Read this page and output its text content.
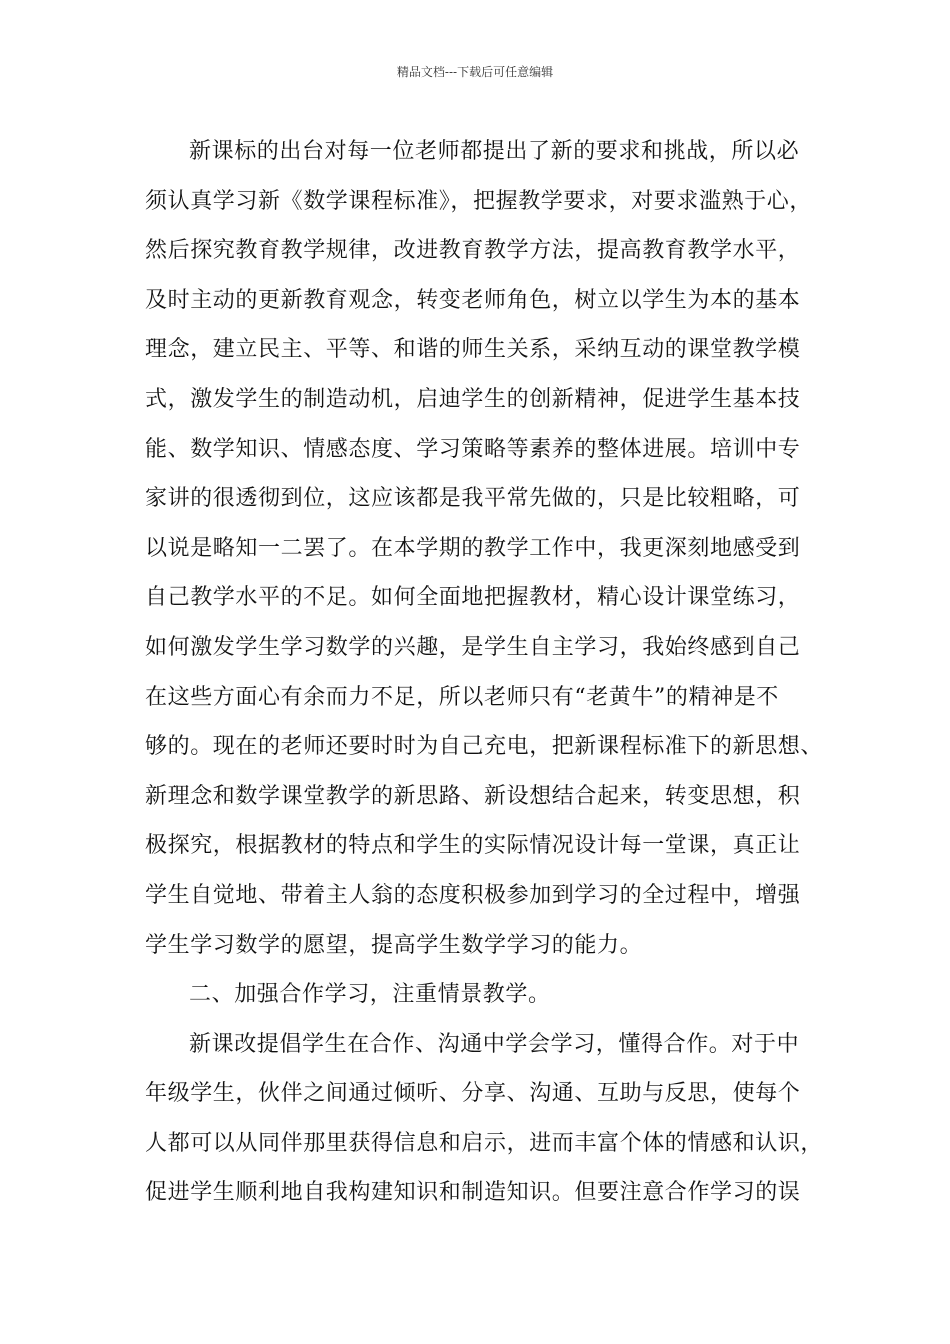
精品文档---下载后可任意编辑
新课标的出台对每一位老师都提出了新的要求和挑战，所以必
须认真学习新《数学课程标准》，把握教学要求，对要求滥熟于心，
然后探究教育教学规律，改进教育教学方法，提高教育教学水平，
及时主动的更新教育观念，转变老师角色，树立以学生为本的基本
理念，建立民主、平等、和谐的师生关系，采纳互动的课堂教学模
式，激发学生的制造动机，启迪学生的创新精神，促进学生基本技
能、数学知识、情感态度、学习策略等素养的整体进展。培训中专
家讲的很透彻到位，这应该都是我平常先做的，只是比较粗略，可
以说是略知一二罢了。在本学期的教学工作中，我更深刻地感受到
自己教学水平的不足。如何全面地把握教材，精心设计课堂练习，
如何激发学生学习数学的兴趣，是学生自主学习，我始终感到自己
在这些方面心有余而力不足，所以老师只有“老黄牛”的精神是不
够的。现在的老师还要时时为自己充电，把新课程标准下的新思想、
新理念和数学课堂教学的新思路、新设想结合起来，转变思想，积
极探究，根据教材的特点和学生的实际情况设计每一堂课，真正让
学生自觉地、带着主人翁的态度积极参加到学习的全过程中，增强
学生学习数学的愿望，提高学生数学学习的能力。
二、加强合作学习，注重情景教学。
新课改提倡学生在合作、沟通中学会学习，懂得合作。对于中
年级学生，伙伴之间通过倾听、分享、沟通、互助与反思，使每个
人都可以从同伴那里获得信息和启示，进而丰富个体的情感和认识，
促进学生顺利地自我构建知识和制造知识。但要注意合作学习的误
